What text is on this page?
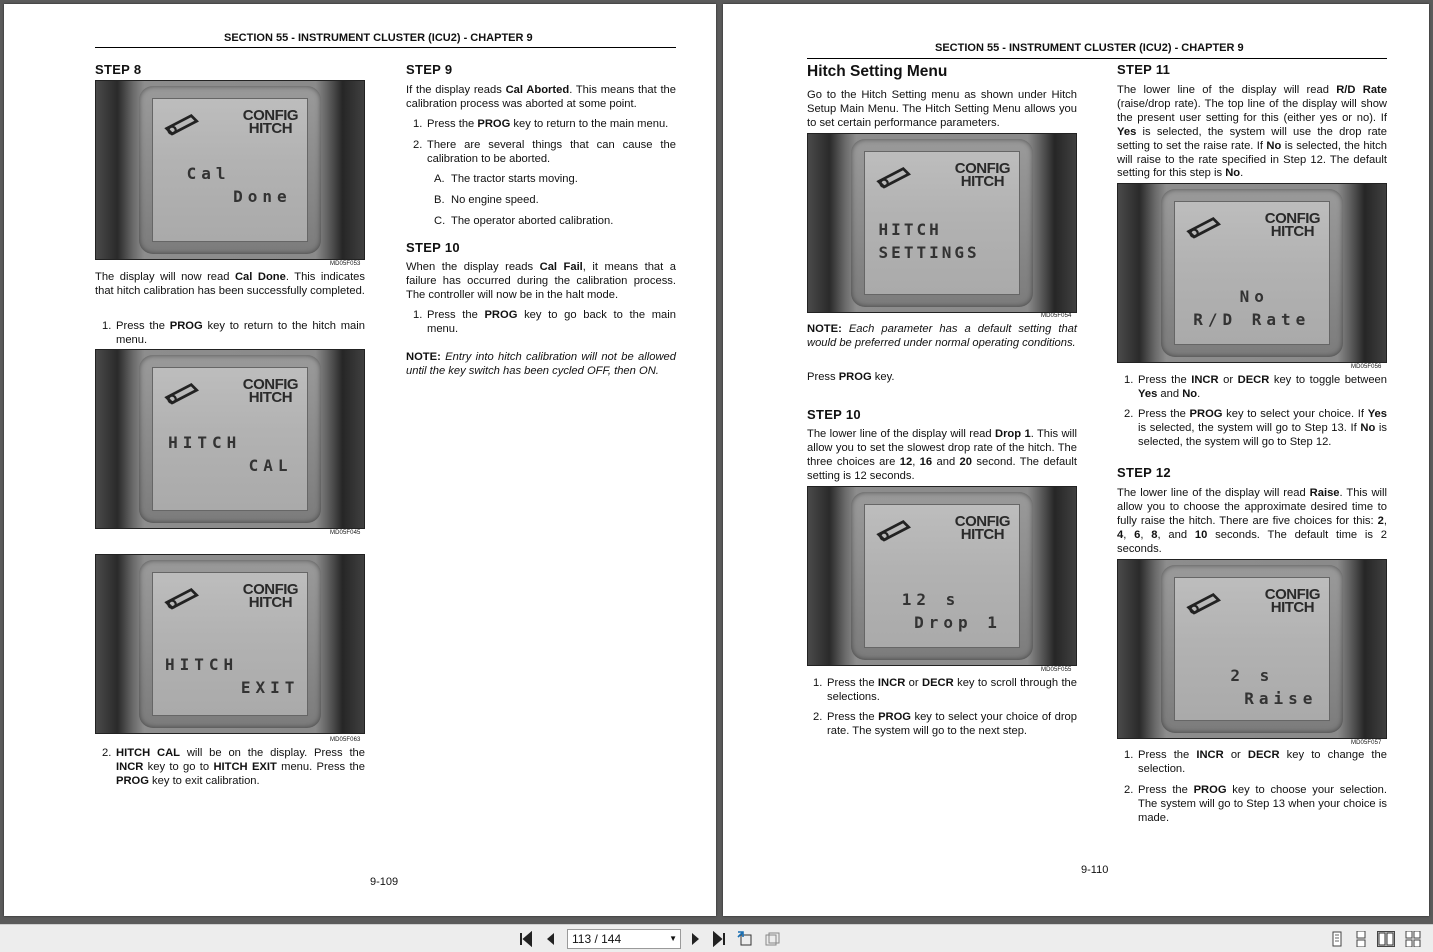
SECTION 55 - INSTRUMENT CLUSTER (ICU2) - CHAPTER 9
STEP 8
CONFIG
HITCH
Cal
Done
MD05F053
The display will now read Cal Done. This indicates that hitch calibration has been successfully completed.
1. Press the PROG key to return to the hitch main menu.
CONFIG
HITCH
HITCH
CAL
MD05F045
CONFIG
HITCH
HITCH
EXIT
MD05F063
2. HITCH CAL will be on the display. Press the INCR key to go to HITCH EXIT menu. Press the PROG key to exit calibration.
STEP 9
If the display reads Cal Aborted. This means that the calibration process was aborted at some point.
1. Press the PROG key to return to the main menu.
2. There are several things that can cause the calibration to be aborted.
A. The tractor starts moving.
B. No engine speed.
C. The operator aborted calibration.
STEP 10
When the display reads Cal Fail, it means that a failure has occurred during the calibration process. The controller will now be in the halt mode.
1. Press the PROG key to go back to the main menu.
NOTE: Entry into hitch calibration will not be allowed until the key switch has been cycled OFF, then ON.
9-109
SECTION 55 - INSTRUMENT CLUSTER (ICU2) - CHAPTER 9
Hitch Setting Menu
Go to the Hitch Setting menu as shown under Hitch Setup Main Menu. The Hitch Setting Menu allows you to set certain performance parameters.
CONFIG
HITCH
HITCH
SETTINGS
MD05F054
NOTE: Each parameter has a default setting that would be preferred under normal operating conditions.
Press PROG key.
STEP 10
The lower line of the display will read Drop 1. This will allow you to set the slowest drop rate of the hitch. The three choices are 12, 16 and 20 second. The default setting is 12 seconds.
CONFIG
HITCH
12 s
Drop 1
MD05F055
1. Press the INCR or DECR key to scroll through the selections.
2. Press the PROG key to select your choice of drop rate. The system will go to the next step.
STEP 11
The lower line of the display will read R/D Rate (raise/drop rate). The top line of the display will show the present user setting for this (either yes or no). If Yes is selected, the system will use the drop rate setting to set the raise rate. If No is selected, the hitch will raise to the rate specified in Step 12. The default setting for this step is No.
CONFIG
HITCH
No
R/D Rate
MD05F056
1. Press the INCR or DECR key to toggle between Yes and No.
2. Press the PROG key to select your choice. If Yes is selected, the system will go to Step 13. If No is selected, the system will go to Step 12.
STEP 12
The lower line of the display will read Raise. This will allow you to choose the approximate desired time to fully raise the hitch. There are five choices for this: 2, 4, 6, 8, and 10 seconds. The default time is 2 seconds.
CONFIG
HITCH
2 s
Raise
MD05F057
1. Press the INCR or DECR key to change the selection.
2. Press the PROG key to choose your selection. The system will go to Step 13 when your choice is made.
9-110
113 / 144	▼
